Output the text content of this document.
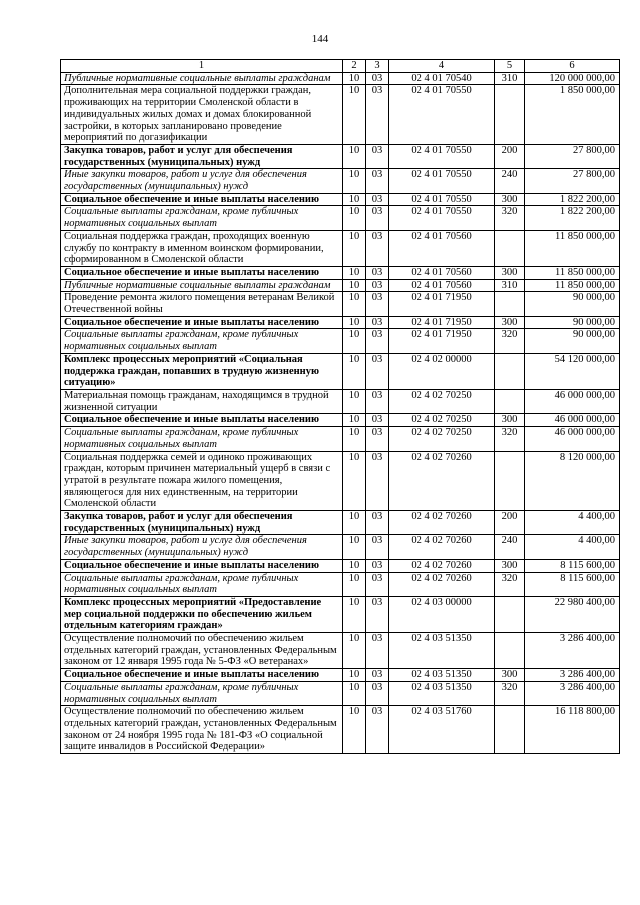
144
1	2	3	4	5	6
Публичные нормативные социальные выплаты гражданам	10	03	02 4 01 70540	310	120 000 000,00
Дополнительная мера социальной поддержки граждан, проживающих на территории Смоленской области в индивидуальных жилых домах и домах блокированной застройки, в которых запланировано проведение мероприятий по догазификации	10	03	02 4 01 70550		1 850 000,00
Закупка товаров, работ и услуг для обеспечения государственных (муниципальных) нужд	10	03	02 4 01 70550	200	27 800,00
Иные закупки товаров, работ и услуг для обеспечения государственных (муниципальных) нужд	10	03	02 4 01 70550	240	27 800,00
Социальное обеспечение и иные выплаты населению	10	03	02 4 01 70550	300	1 822 200,00
Социальные выплаты гражданам, кроме публичных нормативных социальных выплат	10	03	02 4 01 70550	320	1 822 200,00
Социальная поддержка граждан, проходящих военную службу по контракту в именном воинском формировании, сформированном в Смоленской области	10	03	02 4 01 70560		11 850 000,00
Социальное обеспечение и иные выплаты населению	10	03	02 4 01 70560	300	11 850 000,00
Публичные нормативные социальные выплаты гражданам	10	03	02 4 01 70560	310	11 850 000,00
Проведение ремонта жилого помещения ветеранам Великой Отечественной войны	10	03	02 4 01 71950		90 000,00
Социальное обеспечение и иные выплаты населению	10	03	02 4 01 71950	300	90 000,00
Социальные выплаты гражданам, кроме публичных нормативных социальных выплат	10	03	02 4 01 71950	320	90 000,00
Комплекс процессных мероприятий «Социальная поддержка граждан, попавших в трудную жизненную ситуацию»	10	03	02 4 02 00000		54 120 000,00
Материальная помощь гражданам, находящимся в трудной жизненной ситуации	10	03	02 4 02 70250		46 000 000,00
Социальное обеспечение и иные выплаты населению	10	03	02 4 02 70250	300	46 000 000,00
Социальные выплаты гражданам, кроме публичных нормативных социальных выплат	10	03	02 4 02 70250	320	46 000 000,00
Социальная поддержка семей и одиноко проживающих граждан, которым причинен материальный ущерб в связи с утратой в результате пожара жилого помещения, являющегося для них единственным, на территории Смоленской области	10	03	02 4 02 70260		8 120 000,00
Закупка товаров, работ и услуг для обеспечения государственных (муниципальных) нужд	10	03	02 4 02 70260	200	4 400,00
Иные закупки товаров, работ и услуг для обеспечения государственных (муниципальных) нужд	10	03	02 4 02 70260	240	4 400,00
Социальное обеспечение и иные выплаты населению	10	03	02 4 02 70260	300	8 115 600,00
Социальные выплаты гражданам, кроме публичных нормативных социальных выплат	10	03	02 4 02 70260	320	8 115 600,00
Комплекс процессных мероприятий «Предоставление мер социальной поддержки по обеспечению жильем отдельным категориям граждан»	10	03	02 4 03 00000		22 980 400,00
Осуществление полномочий по обеспечению жильем отдельных категорий граждан, установленных Федеральным законом от 12 января 1995 года № 5-ФЗ «О ветеранах»	10	03	02 4 03 51350		3 286 400,00
Социальное обеспечение и иные выплаты населению	10	03	02 4 03 51350	300	3 286 400,00
Социальные выплаты гражданам, кроме публичных нормативных социальных выплат	10	03	02 4 03 51350	320	3 286 400,00
Осуществление полномочий по обеспечению жильем отдельных категорий граждан, установленных Федеральным законом от 24 ноября 1995 года № 181-ФЗ «О социальной защите инвалидов в Российской Федерации»	10	03	02 4 03 51760		16 118 800,00
